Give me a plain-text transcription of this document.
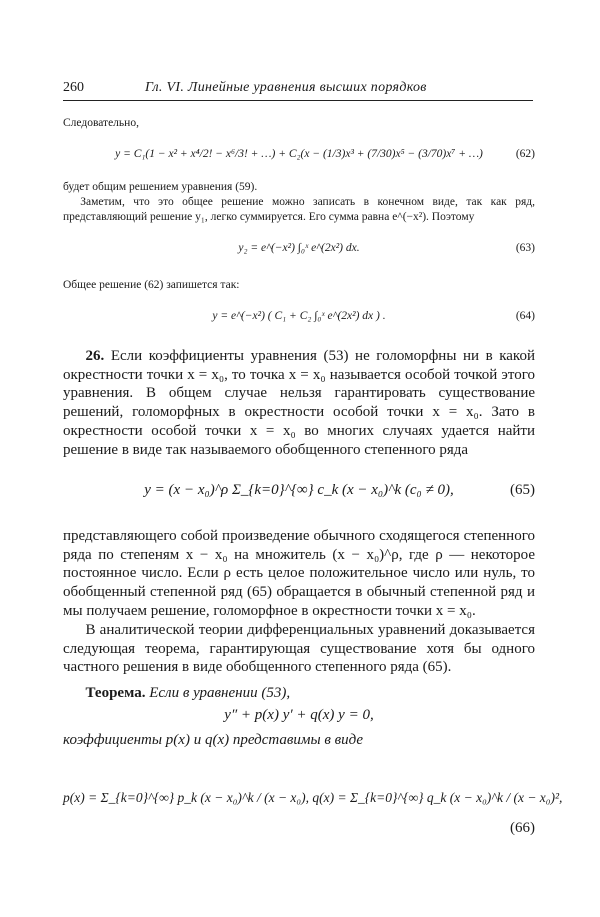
260	Гл. VI. Линейные уравнения высших порядков
Следовательно,
y = C₁(1 − x² + x⁴/2! − x⁶/3! + …) + C₂(x − (1/3)x³ + (7/30)x⁵ − (3/70)x⁷ + …)	(62)
будет общим решением уравнения (59).
Заметим, что это общее решение можно записать в конечном виде, так как ряд, представляющий решение y₁, легко суммируется. Его сумма равна e^(−x²). Поэтому
y₂ = e^(−x²) ∫₀ˣ e^(2x²) dx.	(63)
Общее решение (62) запишется так:
y = e^(−x²) ( C₁ + C₂ ∫₀ˣ e^(2x²) dx ) .	(64)
26. Если коэффициенты уравнения (53) не голоморфны ни в какой окрестности точки x = x₀, то точка x = x₀ называется особой точкой этого уравнения. В общем случае нельзя гарантировать существование решений, голоморфных в окрестности особой точки x = x₀. Зато в окрестности особой точки x = x₀ во многих случаях удается найти решение в виде так называемого обобщенного степенного ряда
y = (x − x₀)^ρ Σ_{k=0}^{∞} c_k (x − x₀)^k (c₀ ≠ 0),	(65)
представляющего собой произведение обычного сходящегося степенного ряда по степеням x − x₀ на множитель (x − x₀)^ρ, где ρ — некоторое постоянное число. Если ρ есть целое положительное число или нуль, то обобщенный степенной ряд (65) обращается в обычный степенной ряд и мы получаем решение, голоморфное в окрестности точки x = x₀.
В аналитической теории дифференциальных уравнений доказывается следующая теорема, гарантирующая существование хотя бы одного частного решения в виде обобщенного степенного ряда (65).
Теорема. Если в уравнении (53),
y″ + p(x) y′ + q(x) y = 0,
коэффициенты p(x) и q(x) представимы в виде
p(x) = Σ_{k=0}^{∞} p_k (x − x₀)^k / (x − x₀), q(x) = Σ_{k=0}^{∞} q_k (x − x₀)^k / (x − x₀)²,
(66)
